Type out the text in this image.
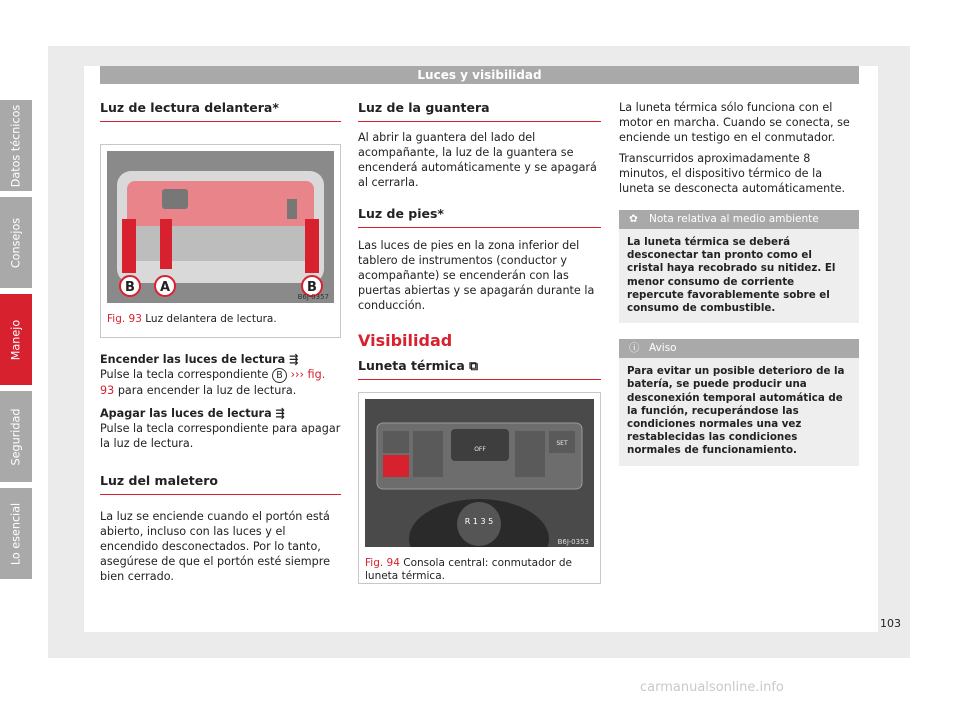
Luces y visibilidad
Luz de lectura delantera*
B A	B
B6J-0357
Fig. 93 Luz delantera de lectura.

Encender las luces de lectura ⇶

Pulse la tecla correspondiente B ››› fig. 93 para encender la luz de lectura.

Apagar las luces de lectura ⇶

Pulse la tecla correspondiente para apagar la luz de lectura.

Luz del maletero

La luz se enciende cuando el portón está abierto, incluso con las luces y el encendido desconectados. Por lo tanto, asegúrese de que el portón esté siempre bien cerrado.

Luz de la guantera

Al abrir la guantera del lado del acompañante, la luz de la guantera se encenderá automáticamente y se apagará al cerrarla.

Luz de pies*

Las luces de pies en la zona inferior del tablero de instrumentos (conductor y acompañante) se encenderán con las puertas abiertas y se apagarán durante la conducción.

Visibilidad
Luneta térmica ⧉
OFF
SET
R 1 3 5
B6J-0353
Fig. 94 Consola central: conmutador de luneta térmica.

La luneta térmica sólo funciona con el motor en marcha. Cuando se conecta, se enciende un testigo en el conmutador.

Transcurridos aproximadamente 8 minutos, el dispositivo térmico de la luneta se desconecta automáticamente.

✿ Nota relativa al medio ambiente
La luneta térmica se deberá desconectar tan pronto como el cristal haya recobrado su nitidez. El menor consumo de corriente repercute favorablemente sobre el consumo de combustible.
ⓘ Aviso
Para evitar un posible deterioro de la batería, se puede producir una desconexión temporal automática de la función, recuperándose las condiciones normales una vez restablecidas las condiciones normales de funcionamiento.
Datos técnicos
Consejos
Manejo
Seguridad
Lo esencial
103
carmanualsonline.info
